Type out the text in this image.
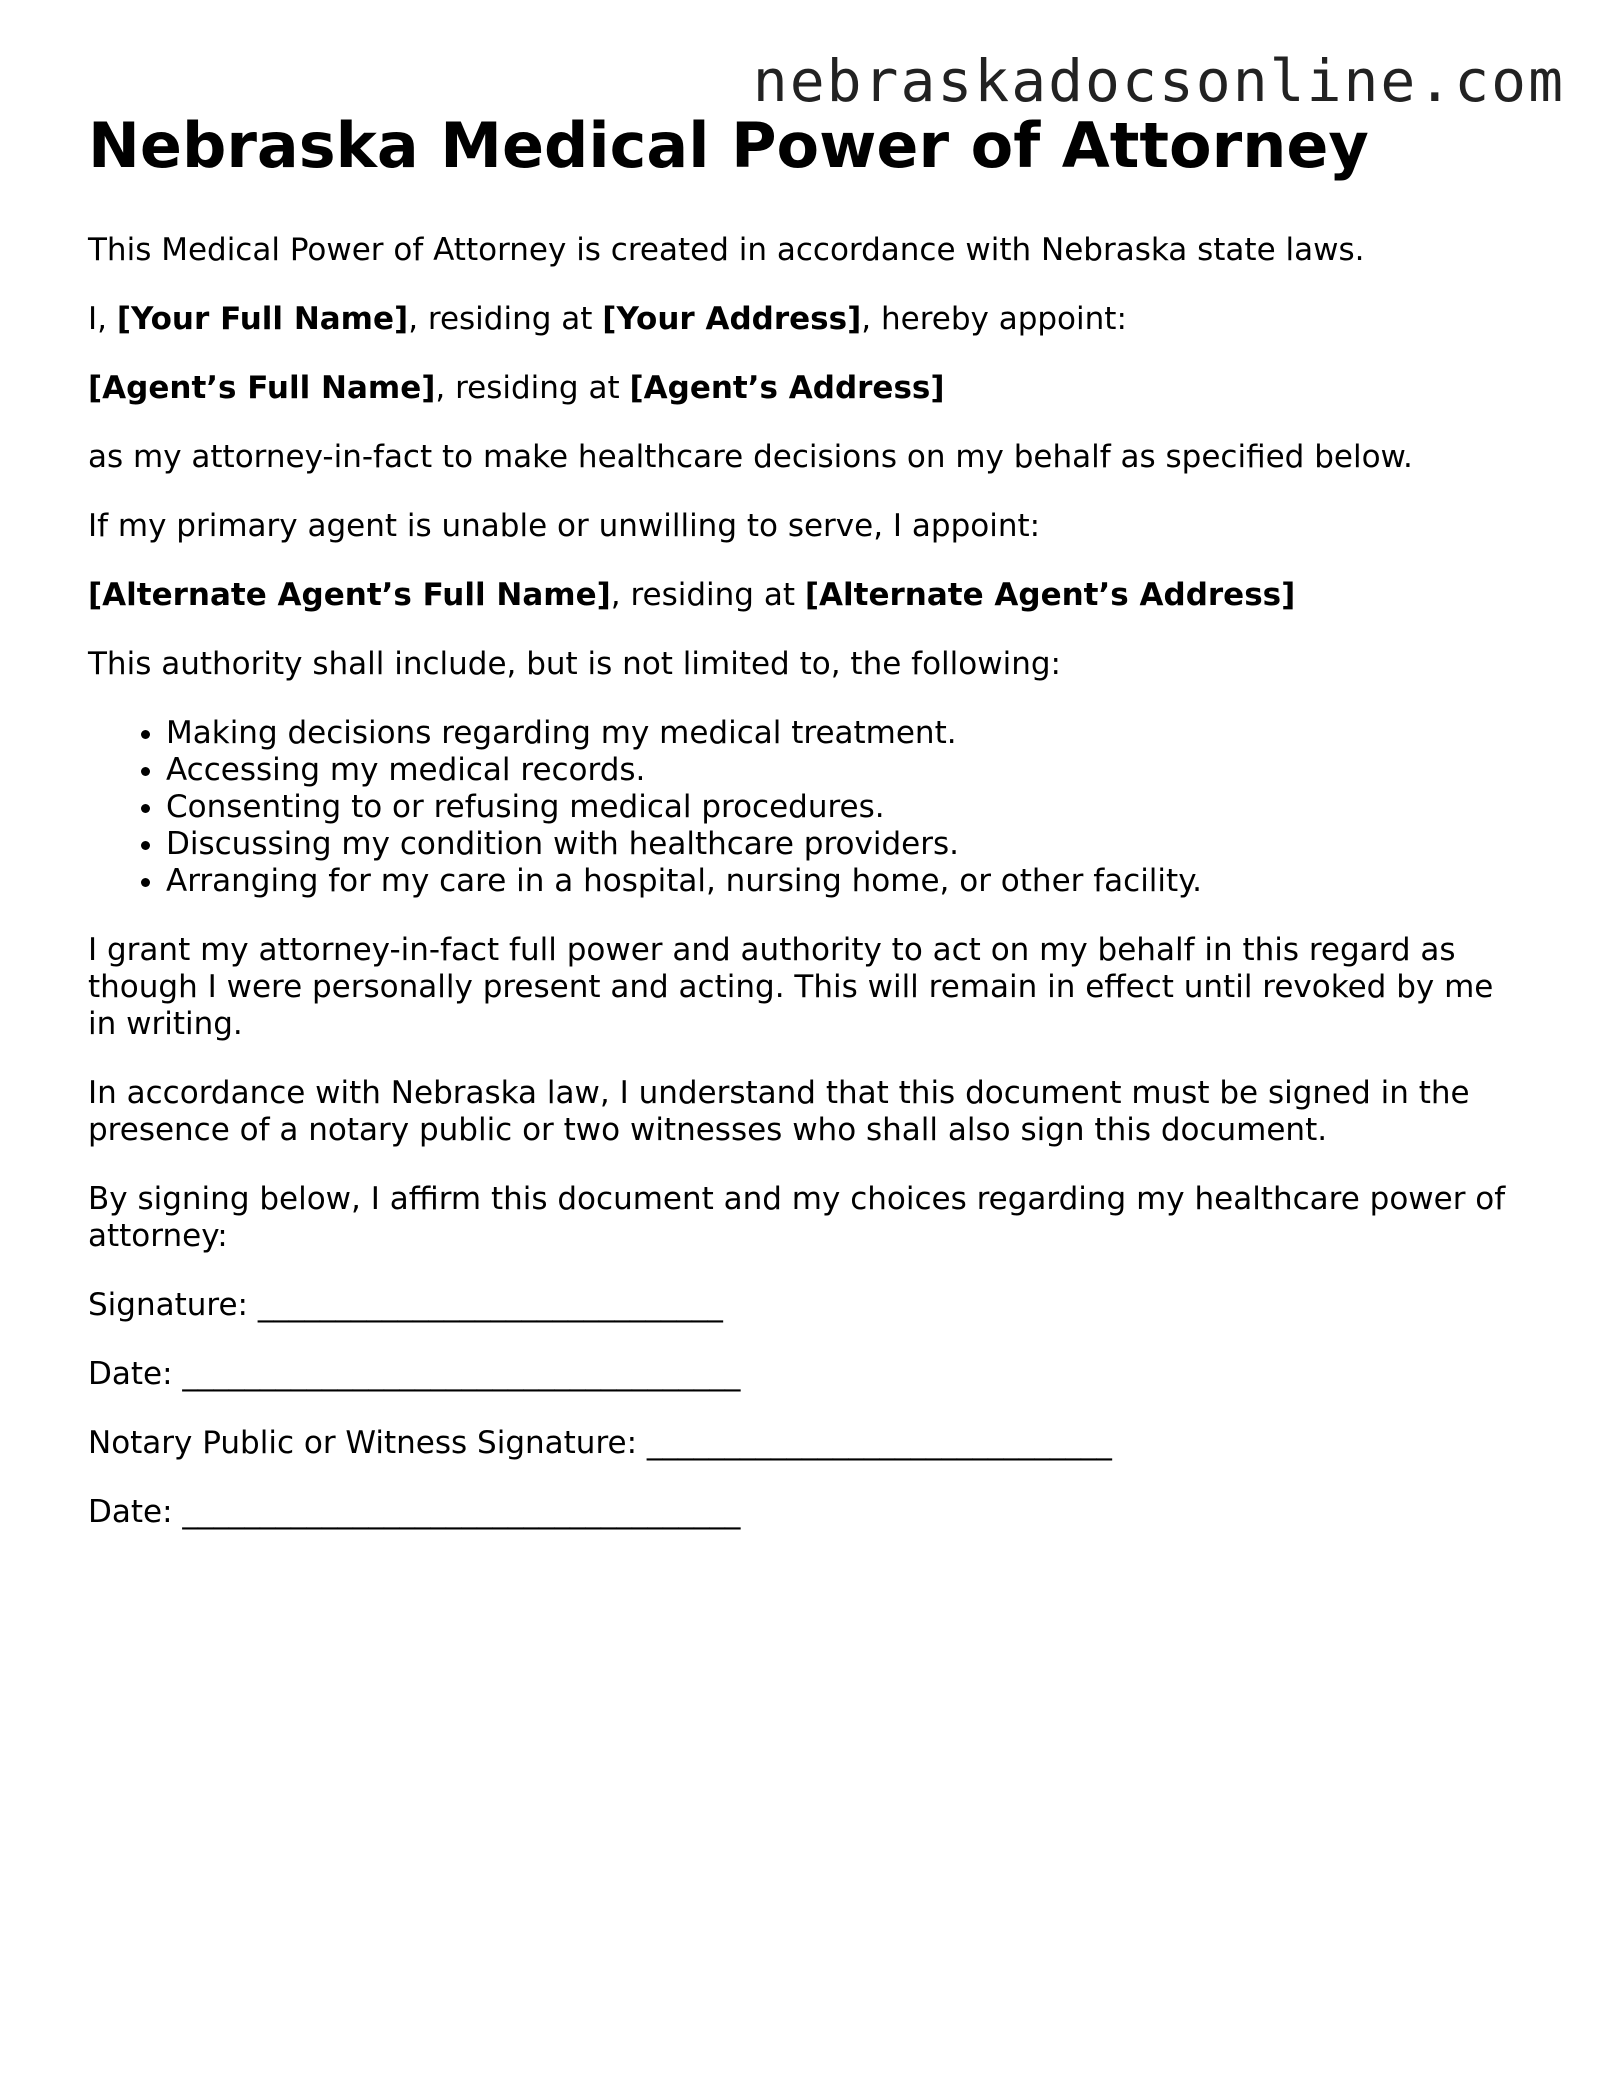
nebraskadocsonline.com
Nebraska Medical Power of Attorney

This Medical Power of Attorney is created in accordance with Nebraska state laws.

I, [Your Full Name], residing at [Your Address], hereby appoint:

[Agent’s Full Name], residing at [Agent’s Address]

as my attorney-in-fact to make healthcare decisions on my behalf as specified below.

If my primary agent is unable or unwilling to serve, I appoint:

[Alternate Agent’s Full Name], residing at [Alternate Agent’s Address]

This authority shall include, but is not limited to, the following:

• Making decisions regarding my medical treatment.
• Accessing my medical records.
• Consenting to or refusing medical procedures.
• Discussing my condition with healthcare providers.
• Arranging for my care in a hospital, nursing home, or other facility.

I grant my attorney-in-fact full power and authority to act on my behalf in this regard as though I were personally present and acting. This will remain in effect until revoked by me in writing.

In accordance with Nebraska law, I understand that this document must be signed in the presence of a notary public or two witnesses who shall also sign this document.

By signing below, I affirm this document and my choices regarding my healthcare power of attorney:

Signature: ______________________________

Date: ____________________________________

Notary Public or Witness Signature: ______________________________

Date: ____________________________________
